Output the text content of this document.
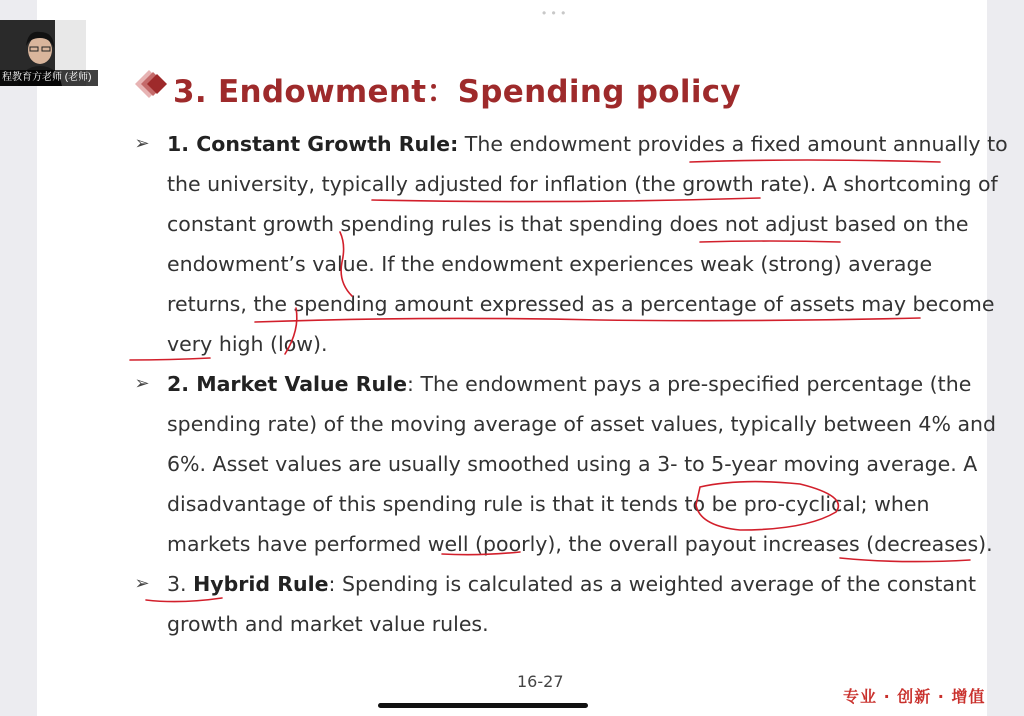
• • •
3. Endowment：Spending policy
➢ 1. Constant Growth Rule: The endowment provides a fixed amount annually to
the university, typically adjusted for inflation (the growth rate). A shortcoming of
constant growth spending rules is that spending does not adjust based on the
endowment’s value. If the endowment experiences weak (strong) average
returns, the spending amount expressed as a percentage of assets may become
very high (low).

➢ 2. Market Value Rule: The endowment pays a pre-specified percentage (the
spending rate) of the moving average of asset values, typically between 4% and
6%. Asset values are usually smoothed using a 3- to 5-year moving average. A
disadvantage of this spending rule is that it tends to be pro-cyclical; when
markets have performed well (poorly), the overall payout increases (decreases).

➢ 3. Hybrid Rule: Spending is calculated as a weighted average of the constant
growth and market value rules.

16-27
专业 · 创新 · 增值
程教育方老师 (老师)
